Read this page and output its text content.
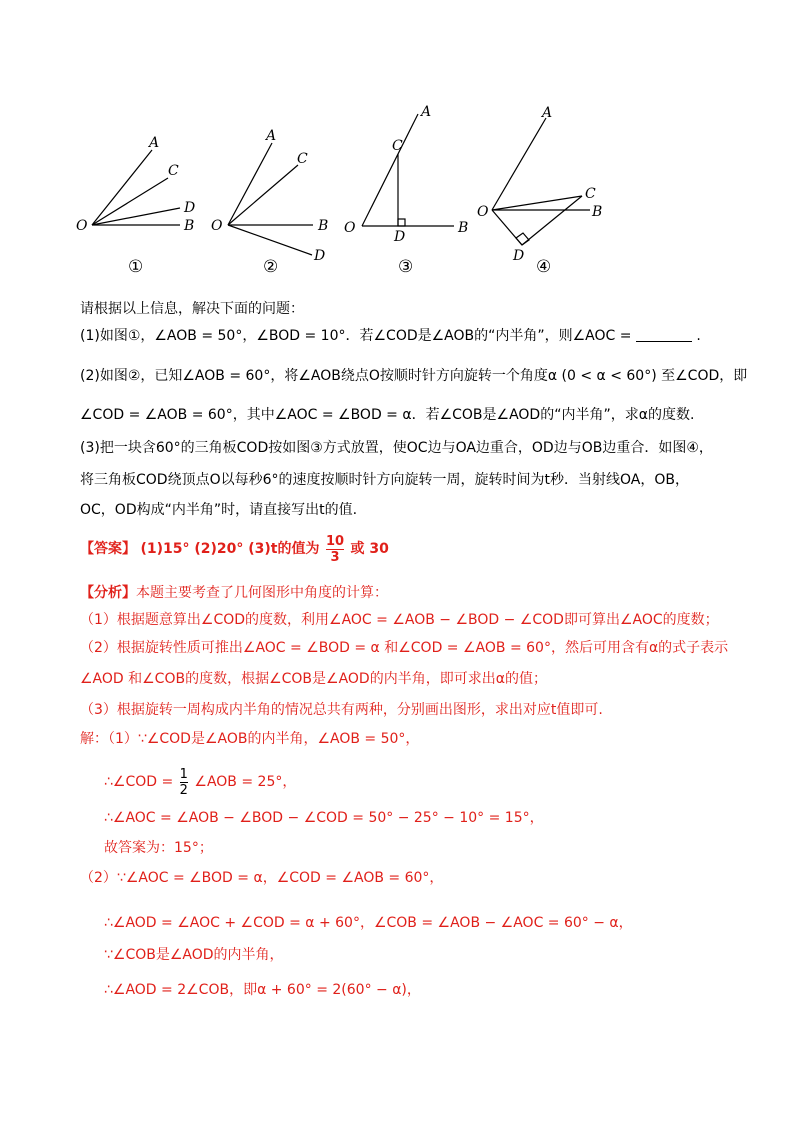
A
C
D
O	B
①
A
C
O	B
D
②
A
C
O
D
B
③
A
C
O	B
D
④
请根据以上信息，解决下面的问题：
(1)如图①，∠AOB = 50°，∠BOD = 10°．若∠COD是∠AOB的“内半角”，则∠AOC =	.
(2)如图②，已知∠AOB = 60°，将∠AOB绕点O按顺时针方向旋转一个角度α (0 < α < 60°) 至∠COD，即
∠COD = ∠AOB = 60°，其中∠AOC = ∠BOD = α．若∠COB是∠AOD的“内半角”，求α的度数.
(3)把一块含60°的三角板COD按如图③方式放置，使OC边与OA边重合，OD边与OB边重合．如图④，
将三角板COD绕顶点O以每秒6°的速度按顺时针方向旋转一周，旋转时间为t秒．当射线OA，OB，
OC，OD构成“内半角”时，请直接写出t的值.
【答案】 (1)15° (2)20° (3)t的值为 $\frac{10}{3}$ 或 30
【分析】本题主要考查了几何图形中角度的计算：
（1）根据题意算出∠COD的度数，利用∠AOC = ∠AOB − ∠BOD − ∠COD即可算出∠AOC的度数；
（2）根据旋转性质可推出∠AOC = ∠BOD = α 和∠COD = ∠AOB = 60°，然后可用含有α的式子表示
∠AOD 和∠COB的度数，根据∠COB是∠AOD的内半角，即可求出α的值；
（3）根据旋转一周构成内半角的情况总共有两种，分别画出图形，求出对应t值即可.
解：（1）∵∠COD是∠AOB的内半角，∠AOB = 50°，
∴∠COD = $\frac{1}{2}$ ∠AOB = 25°，
∴∠AOC = ∠AOB − ∠BOD − ∠COD = 50° − 25° − 10° = 15°，
故答案为：15°；
（2）∵∠AOC = ∠BOD = α，∠COD = ∠AOB = 60°，
∴∠AOD = ∠AOC + ∠COD = α + 60°，∠COB = ∠AOB − ∠AOC = 60° − α，
∵∠COB是∠AOD的内半角，
∴∠AOD = 2∠COB，即α + 60° = 2(60° − α)，
